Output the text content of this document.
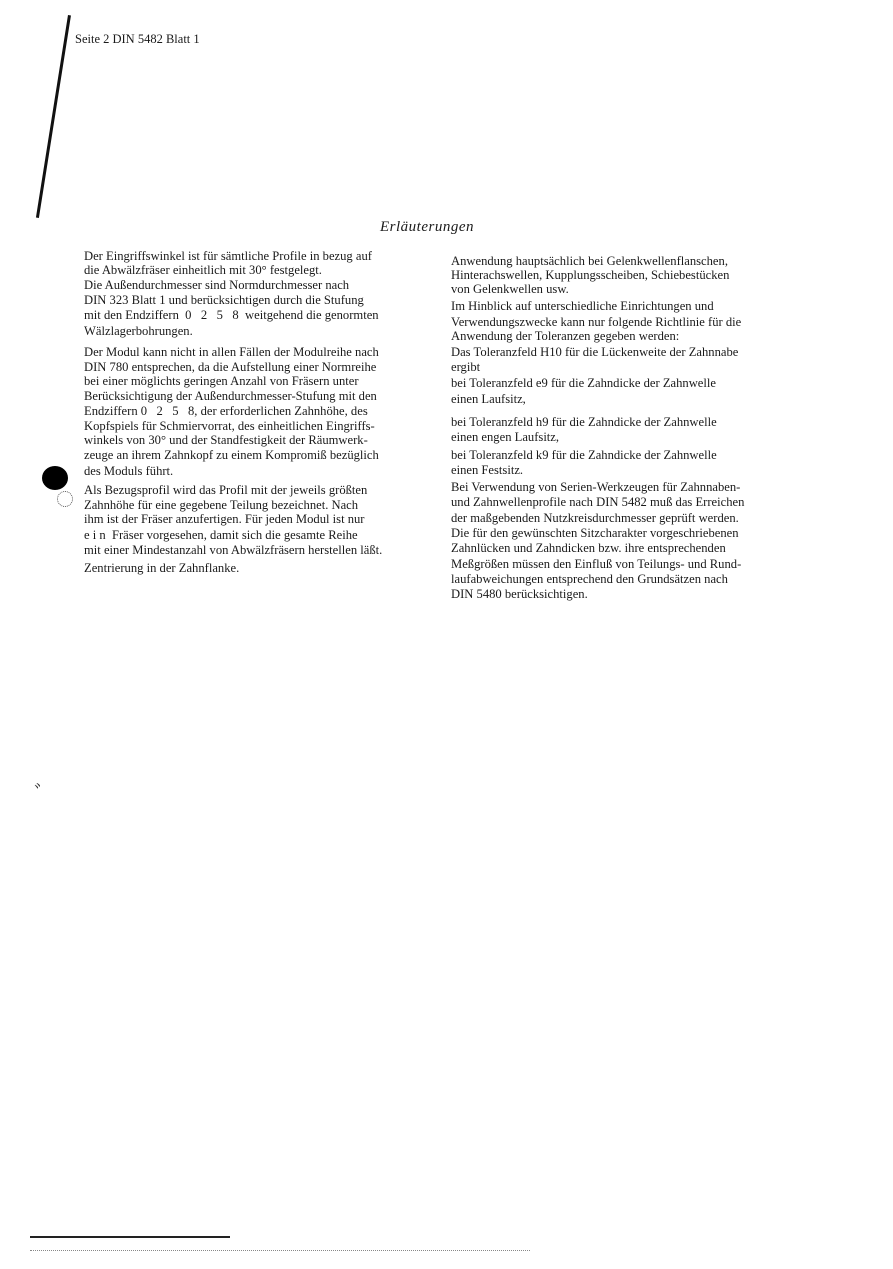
Seite 2 DIN 5482 Blatt 1
Erläuterungen
Der Eingriffswinkel ist für sämtliche Profile in bezug auf
die Abwälzfräser einheitlich mit 30° festgelegt.
Die Außendurchmesser sind Normdurchmesser nach
DIN 323 Blatt 1 und berücksichtigen durch die Stufung
mit den Endziffern  0   2   5   8  weitgehend die genormten
Wälzlagerbohrungen.
Der Modul kann nicht in allen Fällen der Modulreihe nach
DIN 780 entsprechen, da die Aufstellung einer Normreihe
bei einer möglichts geringen Anzahl von Fräsern unter
Berücksichtigung der Außendurchmesser-Stufung mit den
Endziffern 0   2   5   8, der erforderlichen Zahnhöhe, des
Kopfspiels für Schmiervorrat, des einheitlichen Eingriffs-
winkels von 30° und der Standfestigkeit der Räumwerk-
zeuge an ihrem Zahnkopf zu einem Kompromiß bezüglich
des Moduls führt.
Als Bezugsprofil wird das Profil mit der jeweils größten
Zahnhöhe für eine gegebene Teilung bezeichnet. Nach
ihm ist der Fräser anzufertigen. Für jeden Modul ist nur
e i n  Fräser vorgesehen, damit sich die gesamte Reihe
mit einer Mindestanzahl von Abwälzfräsern herstellen läßt.
Zentrierung in der Zahnflanke.
Anwendung hauptsächlich bei Gelenkwellenflanschen,
Hinterachswellen, Kupplungsscheiben, Schiebestücken
von Gelenkwellen usw.
Im Hinblick auf unterschiedliche Einrichtungen und
Verwendungszwecke kann nur folgende Richtlinie für die
Anwendung der Toleranzen gegeben werden:
Das Toleranzfeld H10 für die Lückenweite der Zahnnabe
ergibt
bei Toleranzfeld e9 für die Zahndicke der Zahnwelle
einen Laufsitz,
bei Toleranzfeld h9 für die Zahndicke der Zahnwelle
einen engen Laufsitz,
bei Toleranzfeld k9 für die Zahndicke der Zahnwelle
einen Festsitz.
Bei Verwendung von Serien-Werkzeugen für Zahnnaben-
und Zahnwellenprofile nach DIN 5482 muß das Erreichen
der maßgebenden Nutzkreisdurchmesser geprüft werden.
Die für den gewünschten Sitzcharakter vorgeschriebenen
Zahnlücken und Zahndicken bzw. ihre entsprechenden
Meßgrößen müssen den Einfluß von Teilungs- und Rund-
laufabweichungen entsprechend den Grundsätzen nach
DIN 5480 berücksichtigen.
ﾞ
